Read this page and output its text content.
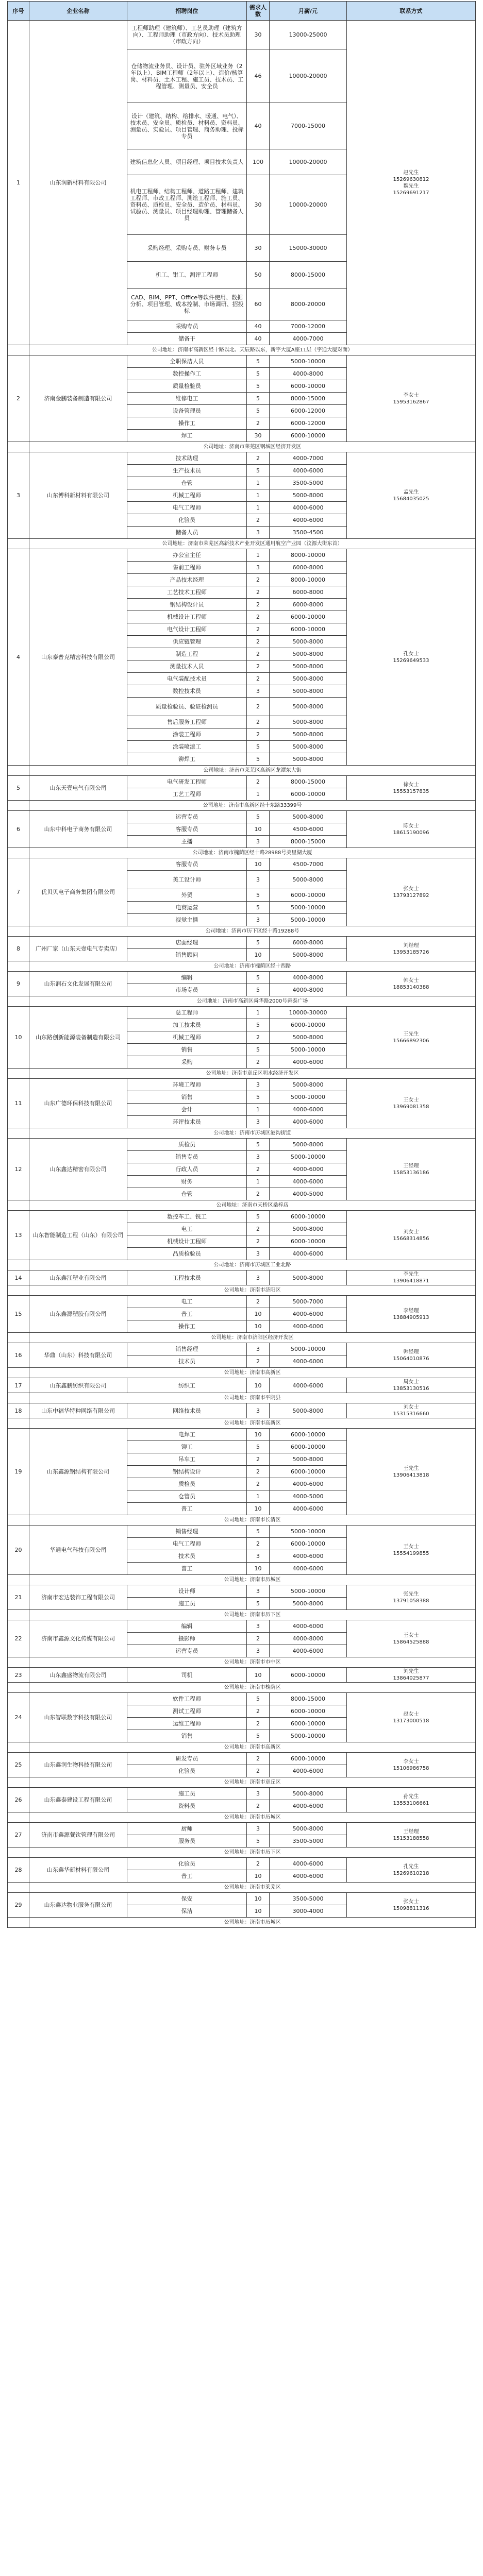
序号	企业名称	招聘岗位	需求人数	月薪/元	联系方式
1	山东润新材料有限公司	工程师助理（建筑师）、工艺员助理（建筑方向）、工程师助理（市政方向）、技术员助理（市政方向）	30	13000-25000	赵先生
15269630812
魏先生
15269691217
		仓储物流业务员、设计员、驻外区域业务（2年以上）、BIM工程师（2年以上）、造价/核算岗、材料员、土木工程、施工员、技术员、工程管理、测量员、安全员	46	10000-20000	
		设计（建筑、结构、给排水、暖通、电气）、技术员、安全员、质检员、材料员、资料员、测量员、实验员、项目管理、商务助理、投标专员	40	7000-15000	
		建筑信息化人员、项目经理、项目技术负责人	100	10000-20000	
		机电工程师、结构工程师、道路工程师、建筑工程师、市政工程师、测绘工程师、施工员、资料员、质检员、安全员、造价员、材料员、试验员、测量员、项目经理助理、管理储备人员	30	10000-20000	
		采购经理、采购专员、财务专员	30	15000-30000	
		机工、钳工、测评工程师	50	8000-15000	
		CAD、BIM、PPT、Office等软件使用、数据分析、项目管理、成本控制、市场调研、招投标	60	8000-20000	
		采购专员	40	7000-12000	
		储备干	40	4000-7000	
	公司地址：济南市高新区经十路以北、天辰路以东，新宇大厦A座11层（宇通大厦对面）				
2	济南金鹏装备制造有限公司	全职保洁人员	5	5000-10000	李女士
15953162867
		数控操作工	5	4000-8000	
		质量检验员	5	6000-10000	
		维修电工	5	8000-15000	
		设备管理员	5	6000-12000	
		操作工	2	6000-12000	
		焊工	30	6000-10000	
	公司地址：济南市莱芜区钢城区经济开发区				
3	山东博科新材料有限公司	技术助理	2	4000-7000	孟先生
15684035025
		生产技术员	5	4000-6000	
		仓管	1	3500-5000	
		机械工程师	1	5000-8000	
		电气工程师	1	4000-6000	
		化验员	2	4000-6000	
		储备人员	3	3500-4500	
	公司地址：济南市莱芜区高新技术产业开发区通用航空产业园（汶源大街东首）				
4	山东泰普克精密科技有限公司	办公室主任	1	8000-10000	孔女士
15269649533
		售前工程师	3	6000-8000	
		产品技术经理	2	8000-10000	
		工艺技术工程师	2	6000-8000	
		钢结构设计员	2	6000-8000	
		机械设计工程师	2	6000-10000	
		电气设计工程师	2	6000-10000	
		供应链管理	2	5000-8000	
		制造工程	2	5000-8000	
		测量技术人员	2	5000-8000	
		电气装配技术员	2	5000-8000	
		数控技术员	3	5000-8000	
		质量检验员、验证检测员	2	5000-8000	
		售后服务工程师	2	5000-8000	
		涂装工程师	2	5000-8000	
		涂装喷漆工	5	5000-8000	
		铆焊工	5	5000-8000	
	公司地址：济南市莱芜区高新区龙潭东大街				
5	山东天壹电气有限公司	电气研发工程师	2	8000-15000	徐女士
15553157835
		工艺工程师	1	6000-10000	
	公司地址：济南市高新区经十东路33399号				
6	山东中科电子商务有限公司	运营专员	5	5000-8000	陈女士
18615190096
		客服专员	10	4500-6000	
		主播	3	8000-15000	
	公司地址：济南市槐荫区经十路28988号美里湖大厦				
7	优贝贝电子商务集团有限公司	客服专员	10	4500-7000	张女士
13793127892
		美工设计师	3	5000-8000	
		外贸	5	6000-10000	
		电商运营	5	5000-10000	
		视觉主播	3	5000-10000	
	公司地址：济南市历下区经十路19288号				
8	广州厂家（山东天壹电气专卖店）	店面经理	5	6000-8000	刘经理
13953185726
		销售顾问	10	5000-8000	
	公司地址：济南市槐荫区经十西路				
9	山东润石文化发展有限公司	编辑	5	4000-8000	韩女士
18853140388
		市场专员	5	4000-8000	
	公司地址：济南市高新区舜华路2000号舜泰广场				
10	山东路创新能源装备制造有限公司	总工程师	1	10000-30000	王先生
15666892306
		加工技术员	5	6000-10000	
		机械工程师	2	5000-8000	
		销售	5	5000-10000	
		采购	2	4000-6000	
	公司地址：济南市章丘区明水经济开发区				
11	山东广德环保科技有限公司	环境工程师	3	5000-8000	王女士
13969081358
		销售	5	5000-10000	
		会计	1	4000-6000	
		环评技术员	3	4000-6000	
	公司地址：济南市历城区港沟街道				
12	山东鑫达精密有限公司	质检员	5	5000-8000	王经理
15853136186
		销售专员	3	5000-10000	
		行政人员	2	4000-6000	
		财务	1	4000-6000	
		仓管	2	4000-5000	
	公司地址：济南市天桥区桑梓店				
13	山东智能制造工程（山东）有限公司	数控车工、铣工	5	6000-10000	刘女士
15668314856
		电工	2	5000-8000	
		机械设计工程师	2	6000-10000	
		品质检验员	3	4000-6000	
	公司地址：济南市历城区工业北路				
14	山东鑫江塑业有限公司	工程技术员	3	5000-8000	李先生
13906418871
	公司地址：济南市济阳区				
15	山东鑫源塑胶有限公司	电工	2	5000-7000	李经理
13884905913
		普工	10	4000-6000	
		操作工	10	4000-6000	
	公司地址：济南市济阳区经济开发区				
16	华鼎（山东）科技有限公司	销售经理	3	5000-10000	韩经理
15064010876
		技术员	2	4000-6000	
	公司地址：济南市高新区				
17	山东鑫鹏纺织有限公司	纺织工	10	4000-6000	周女士
13853130516
	公司地址：济南市平阴县				
18	山东中福华特种网络有限公司	网络技术员	3	5000-8000	刘女士
15315316660
	公司地址：济南市高新区				
19	山东鑫源钢结构有限公司	电焊工	10	6000-10000	王先生
13906413818
		铆工	5	6000-10000	
		吊车工	2	5000-8000	
		钢结构设计	2	6000-10000	
		质检员	2	4000-6000	
		仓管员	1	4000-5000	
		普工	10	4000-6000	
	公司地址：济南市长清区				
20	华通电气科技有限公司	销售经理	5	5000-10000	王女士
15554199855
		电气工程师	2	6000-10000	
		技术员	3	4000-6000	
		普工	10	4000-6000	
	公司地址：济南市历城区				
21	济南市宏达装饰工程有限公司	设计师	3	5000-10000	张先生
13791058388
		施工员	5	5000-8000	
	公司地址：济南市历下区				
22	济南市鑫源文化传媒有限公司	编辑	3	4000-6000	王女士
15864525888
		摄影师	2	4000-8000	
		运营专员	3	4000-6000	
	公司地址：济南市市中区				
23	山东鑫盛物流有限公司	司机	10	6000-10000	刘先生
13864025877
	公司地址：济南市槐荫区				
24	山东智联数字科技有限公司	软件工程师	5	8000-15000	赵女士
13173000518
		测试工程师	2	6000-10000	
		运维工程师	2	6000-10000	
		销售	5	5000-10000	
	公司地址：济南市高新区				
25	山东鑫润生物科技有限公司	研发专员	2	6000-10000	李女士
15106986758
		化验员	2	4000-6000	
	公司地址：济南市章丘区				
26	山东鑫泰建设工程有限公司	施工员	3	5000-8000	孙先生
13553106661
		资料员	2	4000-6000	
	公司地址：济南市历城区				
27	济南市鑫源餐饮管理有限公司	厨师	3	5000-8000	王经理
15153188558
		服务员	5	3500-5000	
	公司地址：济南市历下区				
28	山东鑫华新材料有限公司	化验员	2	4000-6000	孔先生
15269610218
		普工	10	4000-6000	
	公司地址：济南市莱芜区				
29	山东鑫达物业服务有限公司	保安	10	3500-5000	张女士
15098811316
		保洁	10	3000-4000	
	公司地址：济南市历城区				
